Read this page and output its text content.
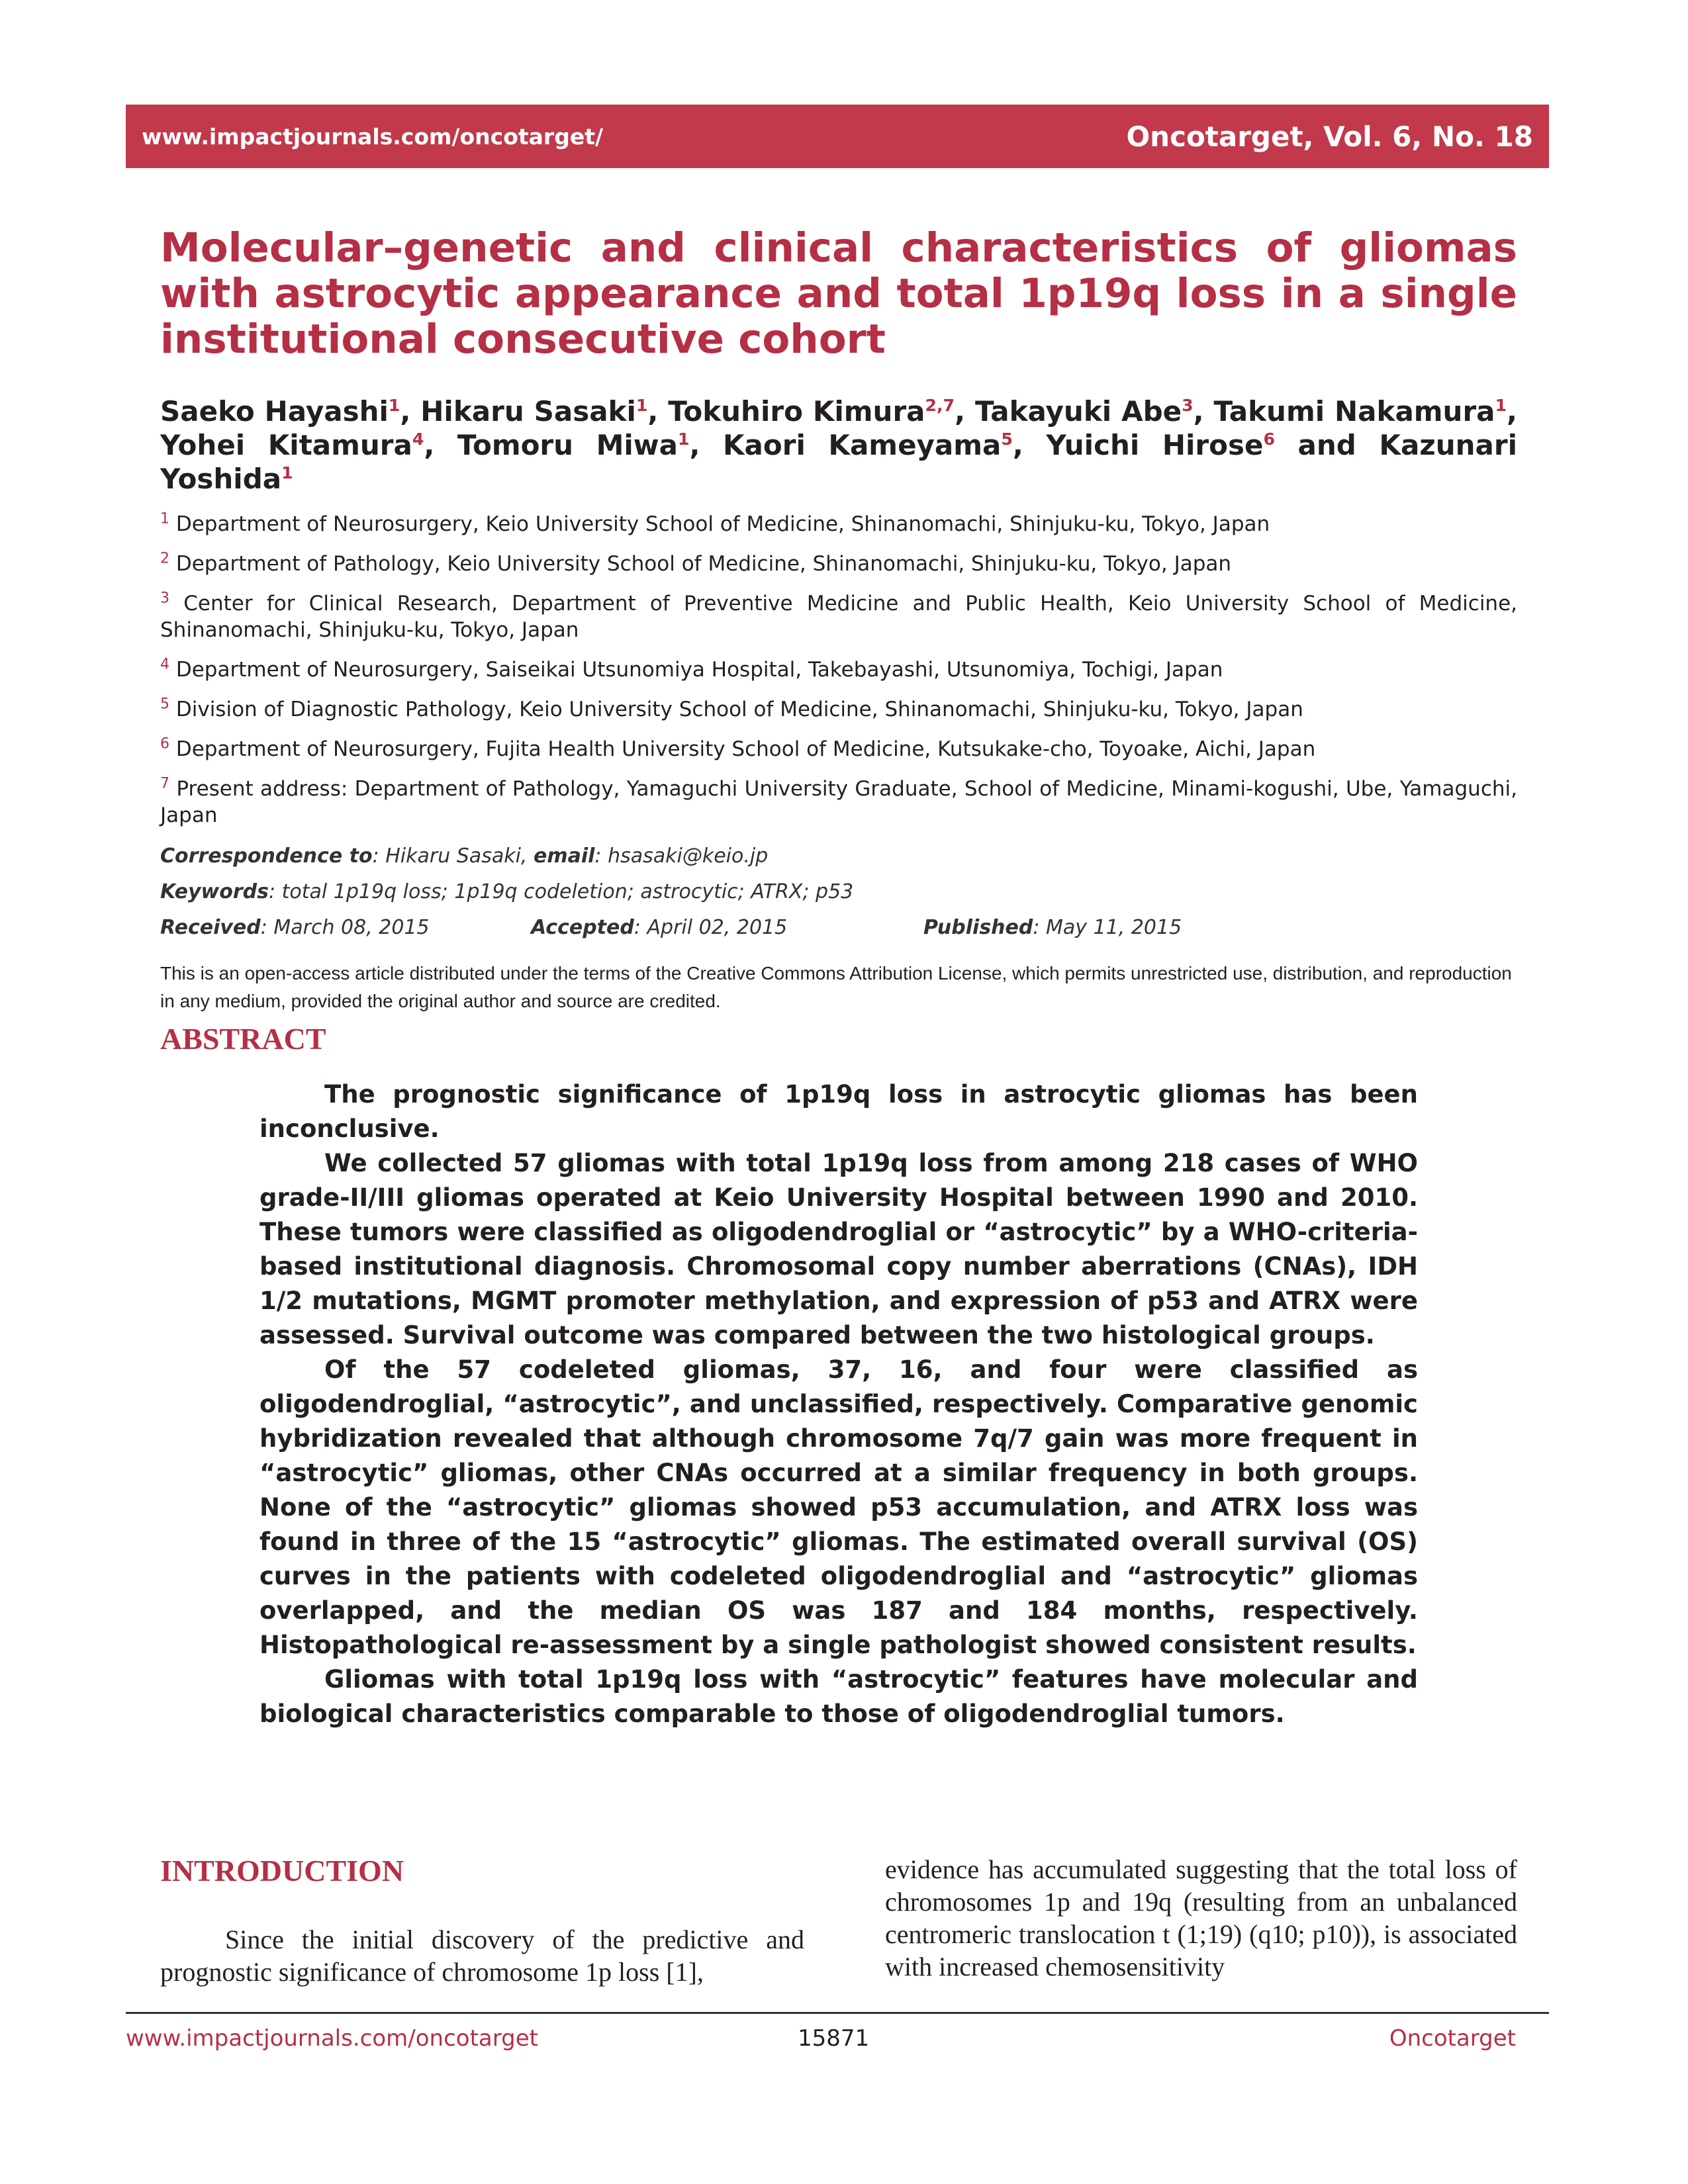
www.impactjournals.com/oncotarget/	Oncotarget, Vol. 6, No. 18
Molecular–genetic and clinical characteristics of gliomas with astrocytic appearance and total 1p19q loss in a single institutional consecutive cohort
Saeko Hayashi$^1$, Hikaru Sasaki$^1$, Tokuhiro Kimura$^{2,7}$, Takayuki Abe$^3$, Takumi Nakamura$^1$, Yohei Kitamura$^4$, Tomoru Miwa$^1$, Kaori Kameyama$^5$, Yuichi Hirose$^6$ and Kazunari Yoshida$^1$
$^1$ Department of Neurosurgery, Keio University School of Medicine, Shinanomachi, Shinjuku-ku, Tokyo, Japan
$^2$ Department of Pathology, Keio University School of Medicine, Shinanomachi, Shinjuku-ku, Tokyo, Japan
$^3$ Center for Clinical Research, Department of Preventive Medicine and Public Health, Keio University School of Medicine, Shinanomachi, Shinjuku-ku, Tokyo, Japan
$^4$ Department of Neurosurgery, Saiseikai Utsunomiya Hospital, Takebayashi, Utsunomiya, Tochigi, Japan
$^5$ Division of Diagnostic Pathology, Keio University School of Medicine, Shinanomachi, Shinjuku-ku, Tokyo, Japan
$^6$ Department of Neurosurgery, Fujita Health University School of Medicine, Kutsukake-cho, Toyoake, Aichi, Japan
$^7$ Present address: Department of Pathology, Yamaguchi University Graduate, School of Medicine, Minami-kogushi, Ube, Yamaguchi, Japan
Correspondence to: Hikaru Sasaki, email: hsasaki@keio.jp
Keywords: total 1p19q loss; 1p19q codeletion; astrocytic; ATRX; p53
Received: March 08, 2015	Accepted: April 02, 2015	Published: May 11, 2015
This is an open-access article distributed under the terms of the Creative Commons Attribution License, which permits unrestricted use, distribution, and reproduction in any medium, provided the original author and source are credited.
ABSTRACT

The prognostic significance of 1p19q loss in astrocytic gliomas has been inconclusive.

We collected 57 gliomas with total 1p19q loss from among 218 cases of WHO grade-II/III gliomas operated at Keio University Hospital between 1990 and 2010. These tumors were classified as oligodendroglial or “astrocytic” by a WHO-criteria-based institutional diagnosis. Chromosomal copy number aberrations (CNAs), IDH 1/2 mutations, MGMT promoter methylation, and expression of p53 and ATRX were assessed. Survival outcome was compared between the two histological groups.

Of the 57 codeleted gliomas, 37, 16, and four were classified as oligodendroglial, “astrocytic”, and unclassified, respectively. Comparative genomic hybridization revealed that although chromosome 7q/7 gain was more frequent in “astrocytic” gliomas, other CNAs occurred at a similar frequency in both groups. None of the “astrocytic” gliomas showed p53 accumulation, and ATRX loss was found in three of the 15 “astrocytic” gliomas. The estimated overall survival (OS) curves in the patients with codeleted oligodendroglial and “astrocytic” gliomas overlapped, and the median OS was 187 and 184 months, respectively. Histopathological re-assessment by a single pathologist showed consistent results.

Gliomas with total 1p19q loss with “astrocytic” features have molecular and biological characteristics comparable to those of oligodendroglial tumors.

INTRODUCTION
Since the initial discovery of the predictive and prognostic significance of chromosome 1p loss [1],
evidence has accumulated suggesting that the total loss of chromosomes 1p and 19q (resulting from an unbalanced centromeric translocation t (1;19) (q10; p10)), is associated with increased chemosensitivity
www.impactjournals.com/oncotarget	15871	Oncotarget
